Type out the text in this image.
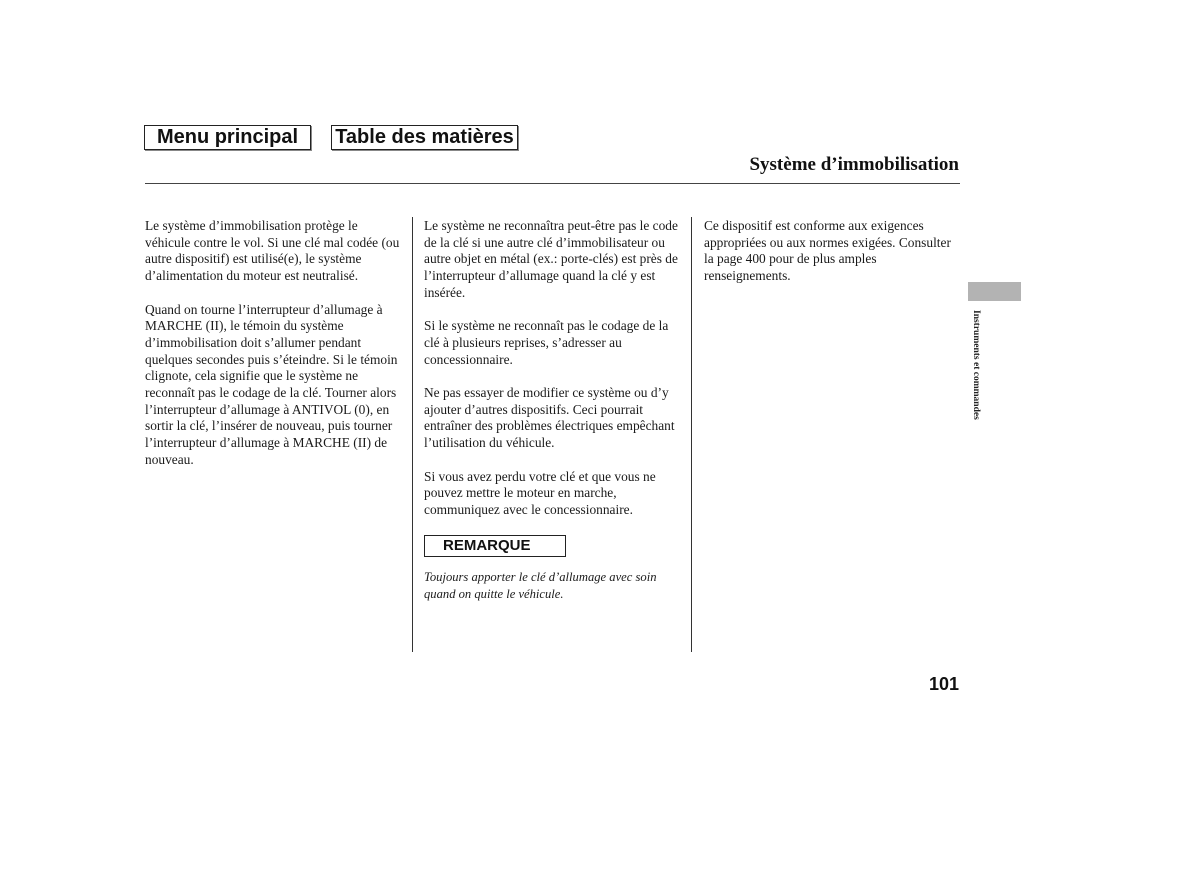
Menu principal	Table des matières
Système d’immobilisation

Le système d’immobilisation protège le véhicule contre le vol. Si une clé mal codée (ou autre dispositif) est utilisé(e), le système d’alimentation du moteur est neutralisé.

Quand on tourne l’interrupteur d’allumage à MARCHE (II), le témoin du système d’immobilisation doit s’allumer pendant quelques secondes puis s’éteindre. Si le témoin clignote, cela signifie que le système ne reconnaît pas le codage de la clé. Tourner alors l’interrupteur d’allumage à ANTIVOL (0), en sortir la clé, l’insérer de nouveau, puis tourner l’interrupteur d’allumage à MARCHE (II) de nouveau.

Le système ne reconnaîtra peut-être pas le code de la clé si une autre clé d’immobilisateur ou autre objet en métal (ex.: porte-clés) est près de l’interrupteur d’allumage quand la clé y est insérée.

Si le système ne reconnaît pas le codage de la clé à plusieurs reprises, s’adresser au concessionnaire.

Ne pas essayer de modifier ce système ou d’y ajouter d’autres dispositifs. Ceci pourrait entraîner des problèmes électriques empêchant l’utilisation du véhicule.

Si vous avez perdu votre clé et que vous ne pouvez mettre le moteur en marche, communiquez avec le concessionnaire.

REMARQUE
Toujours apporter le clé d’allumage avec soin quand on quitte le véhicule.

Ce dispositif est conforme aux exigences appropriées ou aux normes exigées. Consulter la page 400 pour de plus amples renseignements.

Instruments et commandes
101
